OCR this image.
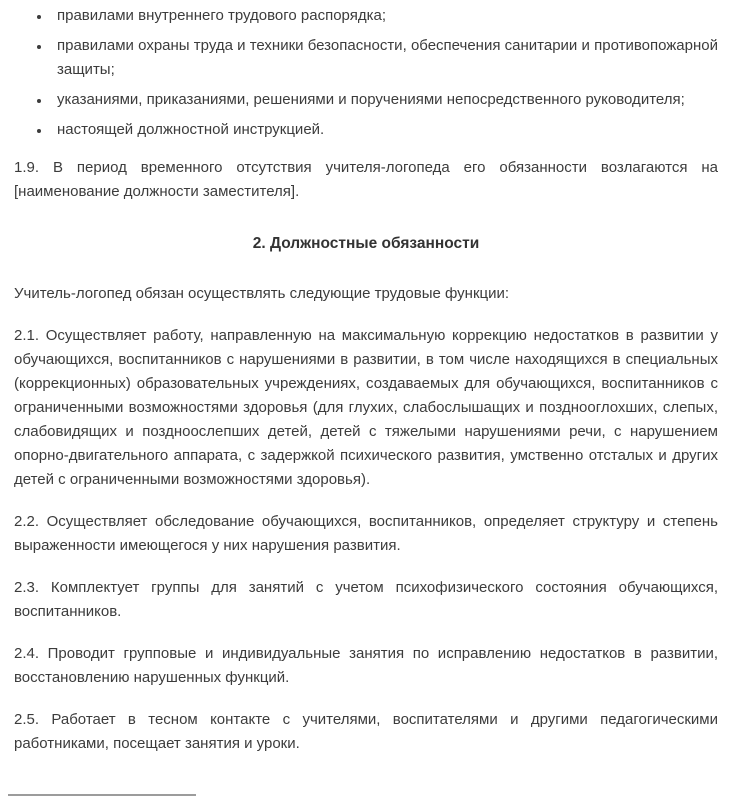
• правилами внутреннего трудового распорядка;
• правилами охраны труда и техники безопасности, обеспечения санитарии и противопожарной защиты;
• указаниями, приказаниями, решениями и поручениями непосредственного руководителя;
• настоящей должностной инструкцией.

1.9. В период временного отсутствия учителя-логопеда его обязанности возлагаются на [наименование должности заместителя].

2. Должностные обязанности

Учитель-логопед обязан осуществлять следующие трудовые функции:

2.1. Осуществляет работу, направленную на максимальную коррекцию недостатков в развитии у обучающихся, воспитанников с нарушениями в развитии, в том числе находящихся в специальных (коррекционных) образовательных учреждениях, создаваемых для обучающихся, воспитанников с ограниченными возможностями здоровья (для глухих, слабослышащих и позднооглохших, слепых, слабовидящих и поздноослепших детей, детей с тяжелыми нарушениями речи, с нарушением опорно-двигательного аппарата, с задержкой психического развития, умственно отсталых и других детей с ограниченными возможностями здоровья).

2.2. Осуществляет обследование обучающихся, воспитанников, определяет структуру и степень выраженности имеющегося у них нарушения развития.

2.3. Комплектует группы для занятий с учетом психофизического состояния обучающихся, воспитанников.

2.4. Проводит групповые и индивидуальные занятия по исправлению недостатков в развитии, восстановлению нарушенных функций.

2.5. Работает в тесном контакте с учителями, воспитателями и другими педагогическими работниками, посещает занятия и уроки.
